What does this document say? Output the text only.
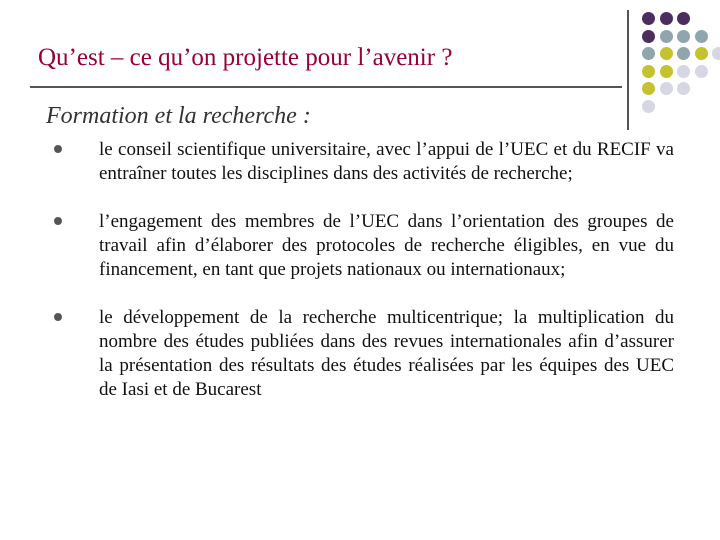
Qu’est – ce qu’on projette pour l’avenir ?
Formation et la recherche :
le conseil scientifique universitaire, avec l’appui de l’UEC et du RECIF va entraîner toutes les disciplines dans des activités de recherche;
l’engagement des membres de l’UEC dans l’orientation des groupes de travail afin d’élaborer des protocoles de recherche éligibles, en vue du financement, en tant que projets nationaux ou internationaux;
le développement de la recherche multicentrique; la multiplication du nombre des études publiées dans des revues internationales afin d’assurer la présentation des résultats des études réalisées par les équipes des UEC de Iasi et de Bucarest
